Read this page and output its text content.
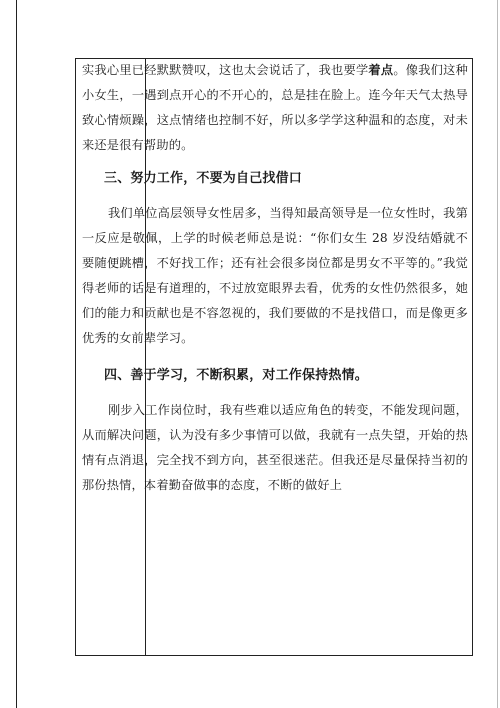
实我心里已经默默赞叹，这也太会说话了，我也要学着点。像我们这种小女生，一遇到点开心的不开心的，总是挂在脸上。连今年天气太热导致心情烦躁，这点情绪也控制不好，所以多学学这种温和的态度，对未来还是很有帮助的。

三、努力工作，不要为自己找借口

我们单位高层领导女性居多，当得知最高领导是一位女性时，我第一反应是敬佩，上学的时候老师总是说：“你们女生 28 岁没结婚就不要随便跳槽，不好找工作；还有社会很多岗位都是男女不平等的。”我觉得老师的话是有道理的，不过放宽眼界去看，优秀的女性仍然很多，她们的能力和贡献也是不容忽视的，我们要做的不是找借口，而是像更多优秀的女前辈学习。

四、善于学习，不断积累，对工作保持热情。

刚步入工作岗位时，我有些难以适应角色的转变，不能发现问题，从而解决问题，认为没有多少事情可以做，我就有一点失望，开始的热情有点消退，完全找不到方向，甚至很迷茫。但我还是尽量保持当初的那份热情，本着勤奋做事的态度，不断的做好上
